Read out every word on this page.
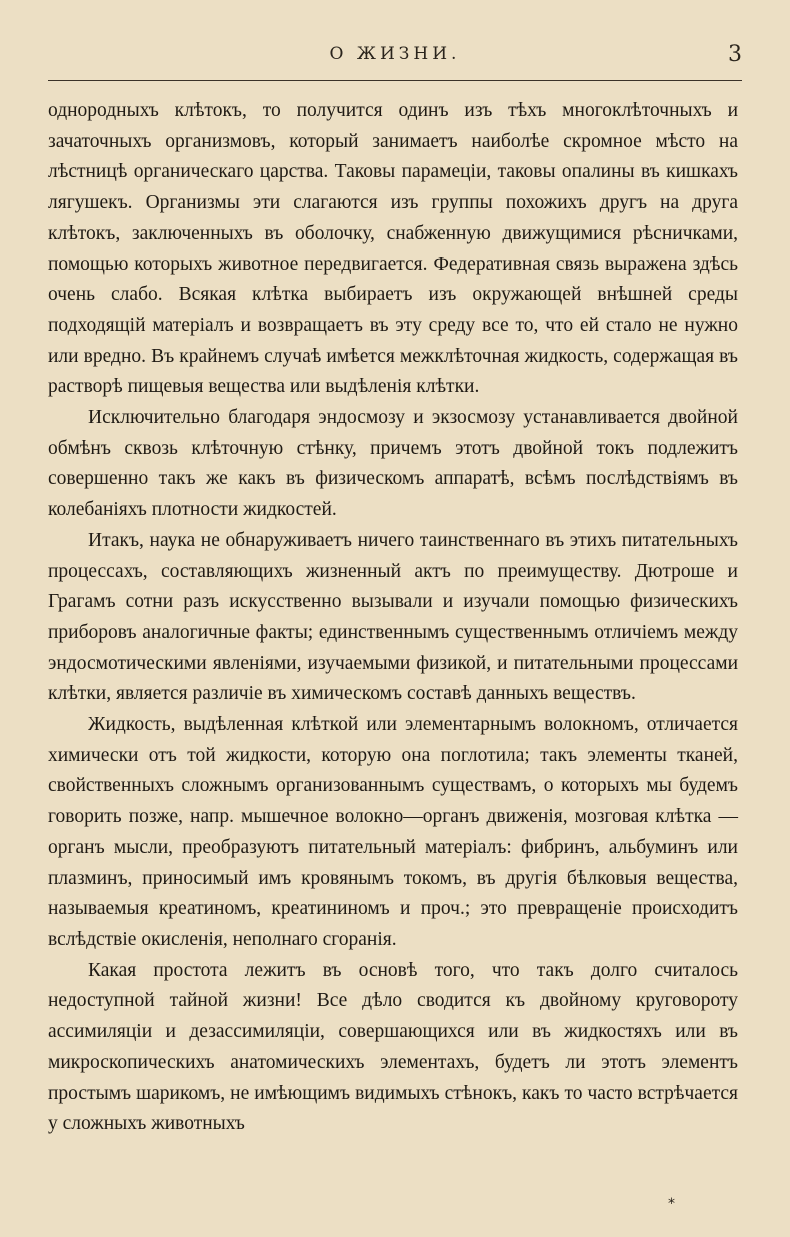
О ЖИЗНИ.	3

однородныхъ клѣтокъ, то получится одинъ изъ тѣхъ многоклѣточныхъ и зачаточныхъ организмовъ, который занимаетъ наиболѣе скромное мѣсто на лѣстницѣ органическаго царства. Таковы парамеціи, таковы опалины въ кишкахъ лягушекъ. Организмы эти слагаются изъ группы похожихъ другъ на друга клѣтокъ, заключенныхъ въ оболочку, снабженную движущимися рѣсничками, помощью которыхъ животное передвигается. Федеративная связь выражена здѣсь очень слабо. Всякая клѣтка выбираетъ изъ окружающей внѣшней среды подходящій матеріалъ и возвращаетъ въ эту среду все то, что ей стало не нужно или вредно. Въ крайнемъ случаѣ имѣется межклѣточная жидкость, содержащая въ растворѣ пищевыя вещества или выдѣленія клѣтки.

Исключительно благодаря эндосмозу и экзосмозу устанавливается двойной обмѣнъ сквозь клѣточную стѣнку, причемъ этотъ двойной токъ подлежитъ совершенно такъ же какъ въ физическомъ аппаратѣ, всѣмъ послѣдствіямъ въ колебаніяхъ плотности жидкостей.

Итакъ, наука не обнаруживаетъ ничего таинственнаго въ этихъ питательныхъ процессахъ, составляющихъ жизненный актъ по преимуществу. Дютроше и Грагамъ сотни разъ искусственно вызывали и изучали помощью физическихъ приборовъ аналогичные факты; единственнымъ существеннымъ отличіемъ между эндосмотическими явленіями, изучаемыми физикой, и питательными процессами клѣтки, является различіе въ химическомъ составѣ данныхъ веществъ.

Жидкость, выдѣленная клѣткой или элементарнымъ волокномъ, отличается химически отъ той жидкости, которую она поглотила; такъ элементы тканей, свойственныхъ сложнымъ организованнымъ существамъ, о которыхъ мы будемъ говорить позже, напр. мышечное волокно—органъ движенія, мозговая клѣтка — органъ мысли, преобразуютъ питательный матеріалъ: фибринъ, альбуминъ или плазминъ, приносимый имъ кровянымъ токомъ, въ другія бѣлковыя вещества, называемыя креатиномъ, креатининомъ и проч.; это превращеніе происходитъ вслѣдствіе окисленія, неполнаго сгоранія.

Какая простота лежитъ въ основѣ того, что такъ долго считалось недоступной тайной жизни! Все дѣло сводится къ двойному круговороту ассимиляціи и дезассимиляціи, совершающихся или въ жидкостяхъ или въ микроскопическихъ анатомическихъ элементахъ, будетъ ли этотъ элементъ простымъ шарикомъ, не имѣющимъ видимыхъ стѣнокъ, какъ то часто встрѣчается у сложныхъ животныхъ

*
